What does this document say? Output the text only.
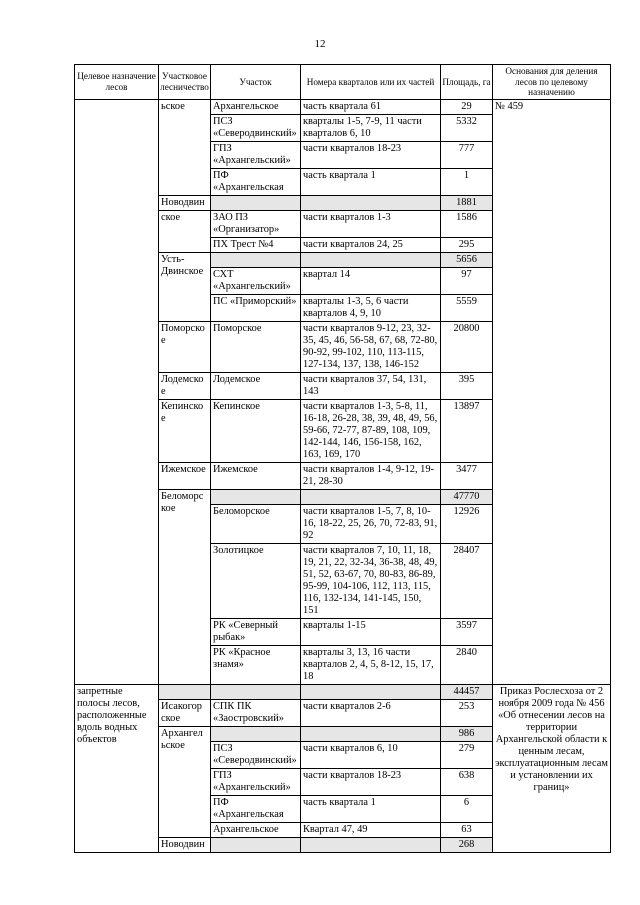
12
Целевое назначение лесов	Участковое лесничество	Участок	Номера кварталов или их частей	Площадь, га	Основания для деления лесов по целевому назначению
	ьское	Архангельское	часть квартала 61	29	№ 459
		ПСЗ «Северодвинский»	кварталы 1-5, 7-9, 11 части кварталов 6, 10	5332	
		ГПЗ «Архангельский»	части кварталов 18-23	777	
		ПФ «Архангельская	часть квартала 1	1	
	Новодвин			1881	
	ское	ЗАО ПЗ «Организатор»	части кварталов 1-3	1586	
		ПХ Трест №4	части кварталов 24, 25	295	
	Усть-Двинское			5656	
		СХТ «Архангельский»	квартал 14	97	
		ПС «Приморский»	кварталы 1-3, 5, 6 части кварталов 4, 9, 10	5559	
	Поморско е	Поморское	части кварталов 9-12, 23, 32-35, 45, 46, 56-58, 67, 68, 72-80, 90-92, 99-102, 110, 113-115, 127-134, 137, 138, 146-152	20800	
	Лодемско е	Лодемское	части кварталов 37, 54, 131, 143	395	
	Кепинско е	Кепинское	части кварталов 1-3, 5-8, 11, 16-18, 26-28, 38, 39, 48, 49, 56, 59-66, 72-77, 87-89, 108, 109, 142-144, 146, 156-158, 162, 163, 169, 170	13897	
	Ижемское	Ижемское	части кварталов 1-4, 9-12, 19-21, 28-30	3477	
	Беломорс кое			47770	
		Беломорское	части кварталов 1-5, 7, 8, 10-16, 18-22, 25, 26, 70, 72-83, 91, 92	12926	
		Золотицкое	части кварталов 7, 10, 11, 18, 19, 21, 22, 32-34, 36-38, 48, 49, 51, 52, 63-67, 70, 80-83, 86-89, 95-99, 104-106, 112, 113, 115, 116, 132-134, 141-145, 150, 151	28407	
		РК «Северный рыбак»	кварталы 1-15	3597	
		РК «Красное знамя»	кварталы 3, 13, 16 части кварталов 2, 4, 5, 8-12, 15, 17, 18	2840	
запретные полосы лесов, расположенные вдоль водных объектов				44457	Приказ Рослесхоза от 2 ноября 2009 года № 456 «Об отнесении лесов на территории Архангельской области к ценным лесам, эксплуатационным лесам и установлении их границ»
	Исакогор ское	СПК ПК «Заостровский»	части кварталов 2-6	253	
	Архангел ьское			986	
		ПСЗ «Северодвинский»	части кварталов 6, 10	279	
		ГПЗ «Архангельский»	части кварталов 18-23	638	
		ПФ «Архангельская	часть квартала 1	6	
		Архангельское	Квартал 47, 49	63	
	Новодвин			268	
